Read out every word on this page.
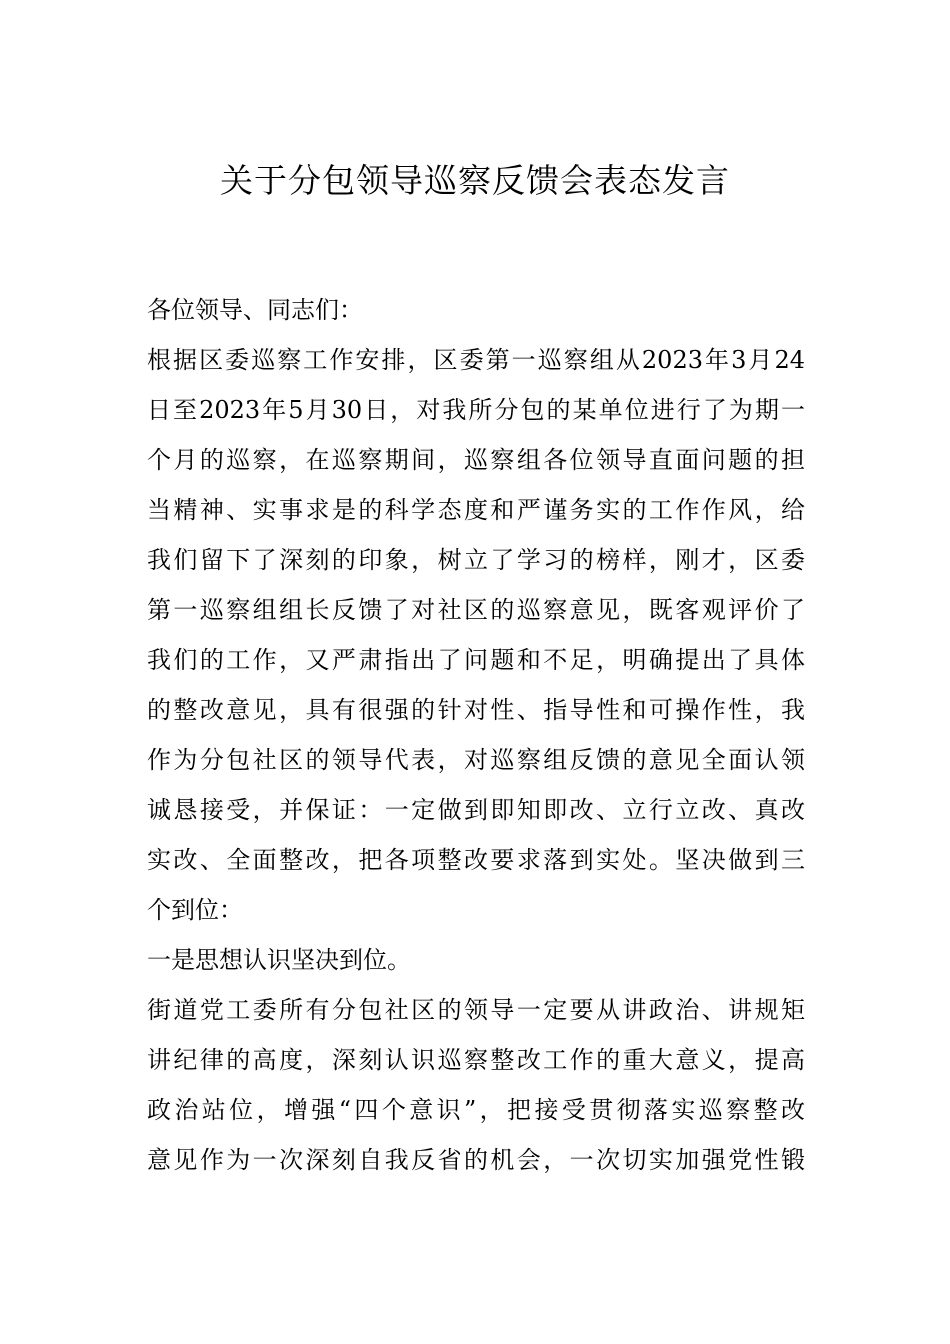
关于分包领导巡察反馈会表态发言
各位领导、同志们：
根据区委巡察工作安排，区委第一巡察组从2023年3月24
日至2023年5月30日，对我所分包的某单位进行了为期一
个月的巡察，在巡察期间，巡察组各位领导直面问题的担
当精神、实事求是的科学态度和严谨务实的工作作风，给
我们留下了深刻的印象，树立了学习的榜样，刚才，区委
第一巡察组组长反馈了对社区的巡察意见，既客观评价了
我们的工作，又严肃指出了问题和不足，明确提出了具体
的整改意见，具有很强的针对性、指导性和可操作性，我
作为分包社区的领导代表，对巡察组反馈的意见全面认领
诚恳接受，并保证：一定做到即知即改、立行立改、真改
实改、全面整改，把各项整改要求落到实处。坚决做到三
个到位：
一是思想认识坚决到位。
街道党工委所有分包社区的领导一定要从讲政治、讲规矩
讲纪律的高度，深刻认识巡察整改工作的重大意义，提高
政治站位，增强“四个意识”，把接受贯彻落实巡察整改
意见作为一次深刻自我反省的机会，一次切实加强党性锻
